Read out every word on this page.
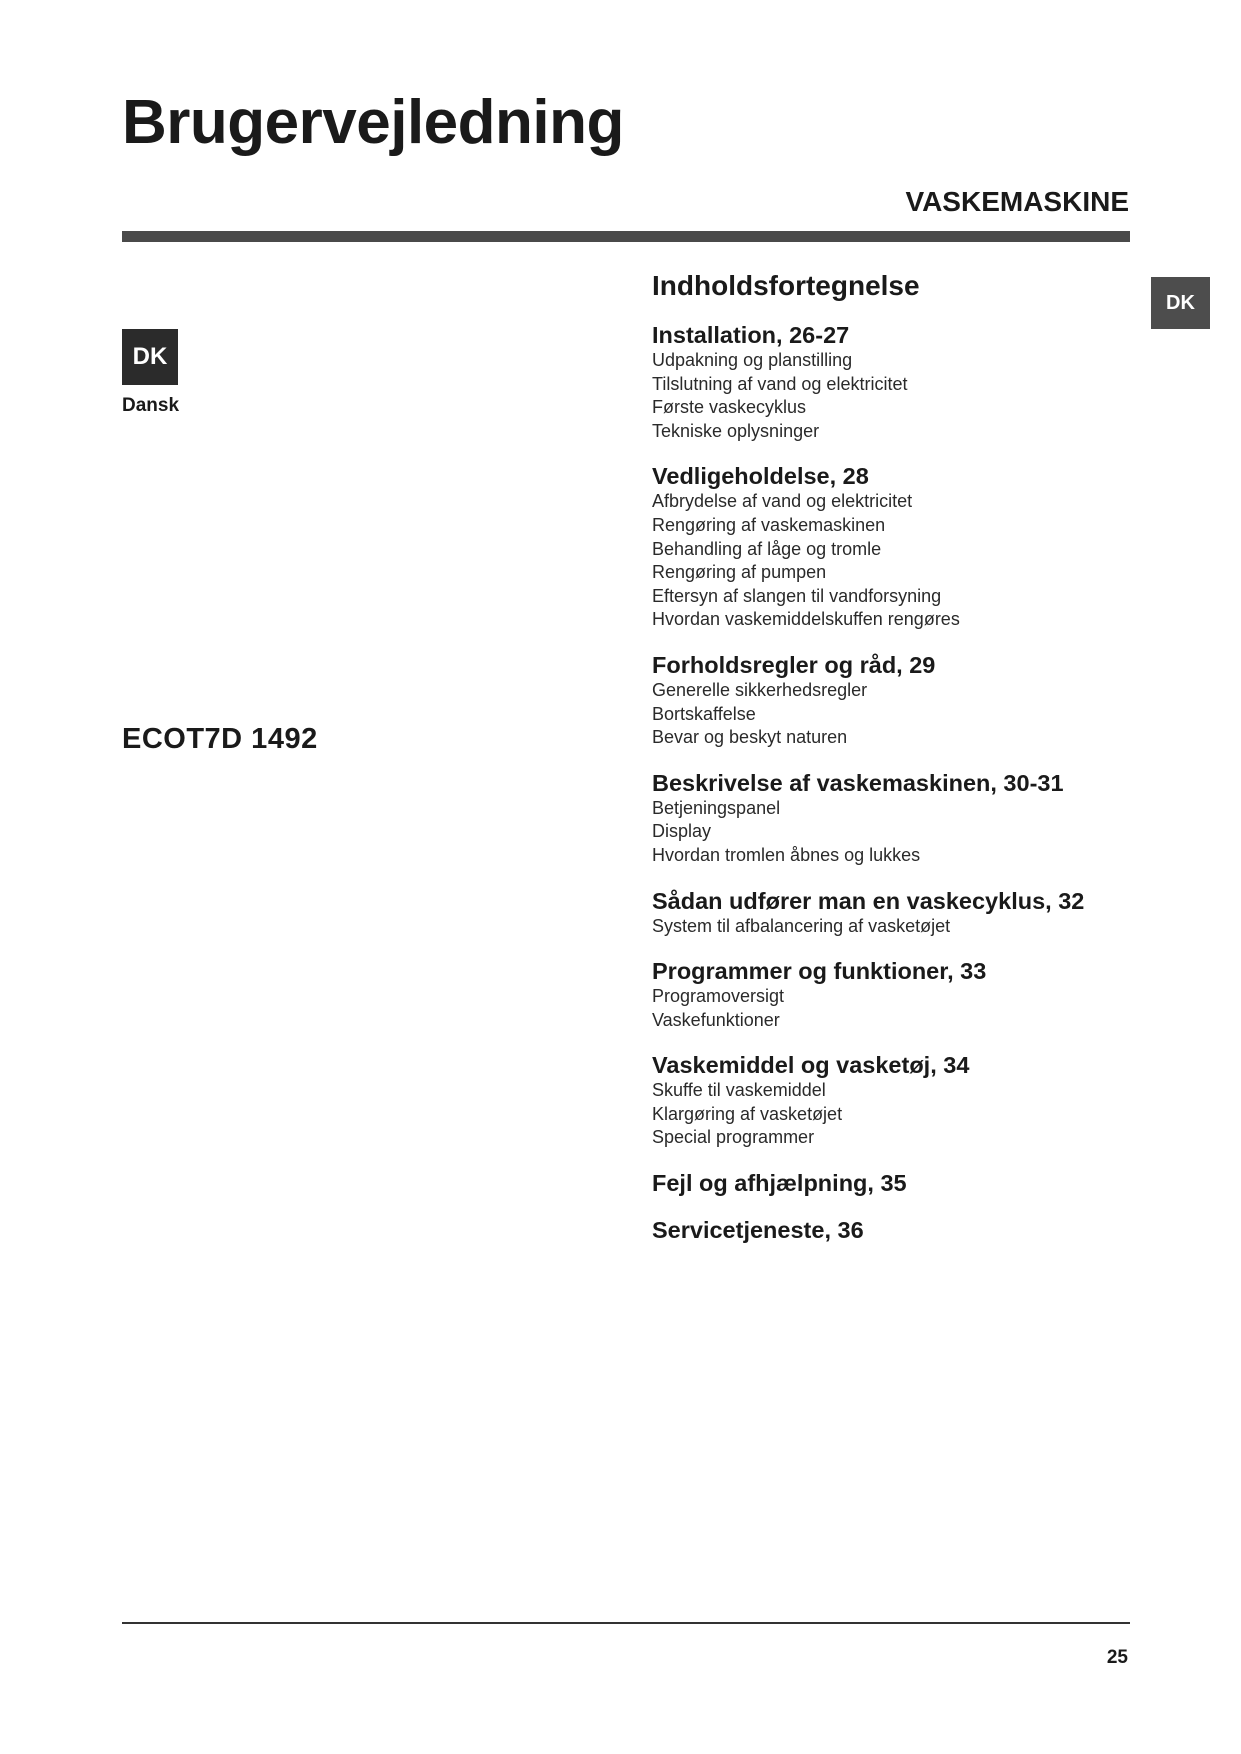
Brugervejledning
VASKEMASKINE
DK
Dansk
ECOT7D 1492
DK
Indholdsfortegnelse
Installation, 26-27
Udpakning og planstilling
Tilslutning af vand og elektricitet
Første vaskecyklus
Tekniske oplysninger
Vedligeholdelse, 28
Afbrydelse af vand og elektricitet
Rengøring af vaskemaskinen
Behandling af låge og tromle
Rengøring af pumpen
Eftersyn af slangen til vandforsyning
Hvordan vaskemiddelskuffen rengøres
Forholdsregler og råd, 29
Generelle sikkerhedsregler
Bortskaffelse
Bevar og beskyt naturen
Beskrivelse af vaskemaskinen, 30-31
Betjeningspanel
Display
Hvordan tromlen åbnes og lukkes
Sådan udfører man en vaskecyklus, 32
System til afbalancering af vasketøjet
Programmer og funktioner, 33
Programoversigt
Vaskefunktioner
Vaskemiddel og vasketøj, 34
Skuffe til vaskemiddel
Klargøring af vasketøjet
Special programmer
Fejl og afhjælpning, 35
Servicetjeneste, 36
25
